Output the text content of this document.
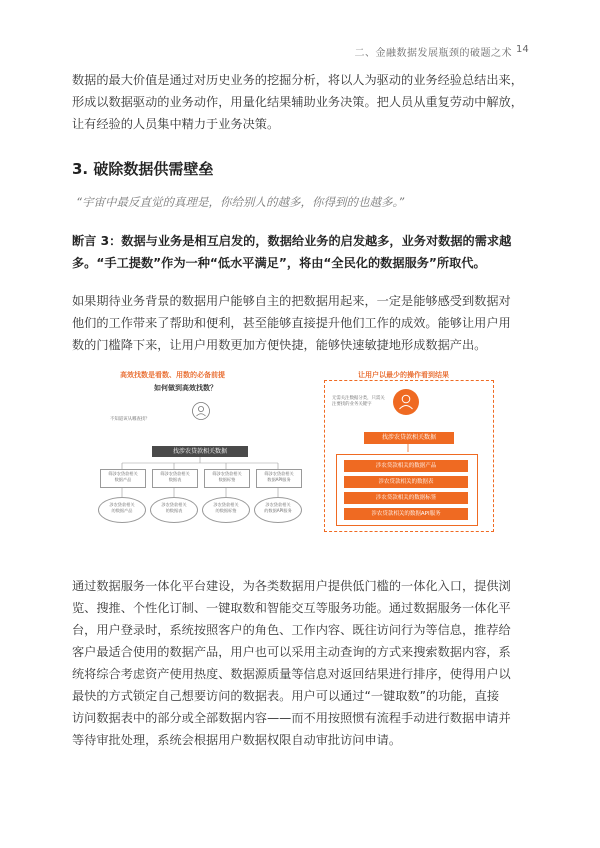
二、金融数据发展瓶颈的破题之术 14

数据的最大价值是通过对历史业务的挖掘分析，将以人为驱动的业务经验总结出来，

形成以数据驱动的业务动作，用量化结果辅助业务决策。把人员从重复劳动中解放，

让有经验的人员集中精力于业务决策。

3. 破除数据供需壁垒
“宇宙中最反直觉的真理是，你给别人的越多，你得到的也越多。”

断言 3：数据与业务是相互启发的，数据给业务的启发越多，业务对数据的需求越

多。“手工提数”作为一种“低水平满足”，将由“全民化的数据服务”所取代。

如果期待业务背景的数据用户能够自主的把数据用起来，一定是能够感受到数据对

他们的工作带来了帮助和便利，甚至能够直接提升他们工作的成效。能够让用户用

数的门槛降下来，让用户用数更加方便快捷，能够快速敏捷地形成数据产出。

高效找数是看数、用数的必备前提
如何做到高效找数？
不知道该从哪查找？
找涉农贷款相关数据
筛涉农贷款相关
数据产品
筛涉农贷款相关
数据表
筛涉农贷款相关
数据标签
筛涉农贷款相关
数据API服务
涉农贷款相关
的数据产品
涉农贷款相关
的数据表
涉农贷款相关
的数据标签
涉农贷款相关
的数据API服务
让用户以最少的操作看到结果
无需关注数据分类，只需关
注要找的业务关键字
找涉农贷款相关数据
涉农贷款相关的数据产品
涉农贷款相关的数据表
涉农贷款相关的数据标签
涉农贷款相关的数据API服务

通过数据服务一体化平台建设，为各类数据用户提供低门槛的一体化入口，提供浏

览、搜推、个性化订制、一键取数和智能交互等服务功能。通过数据服务一体化平

台，用户登录时，系统按照客户的角色、工作内容、既往访问行为等信息，推荐给

客户最适合使用的数据产品，用户也可以采用主动查询的方式来搜索数据内容，系

统将综合考虑资产使用热度、数据源质量等信息对返回结果进行排序，使得用户以

最快的方式锁定自己想要访问的数据表。用户可以通过“一键取数”的功能，直接

访问数据表中的部分或全部数据内容——而不用按照惯有流程手动进行数据申请并

等待审批处理，系统会根据用户数据权限自动审批访问申请。
